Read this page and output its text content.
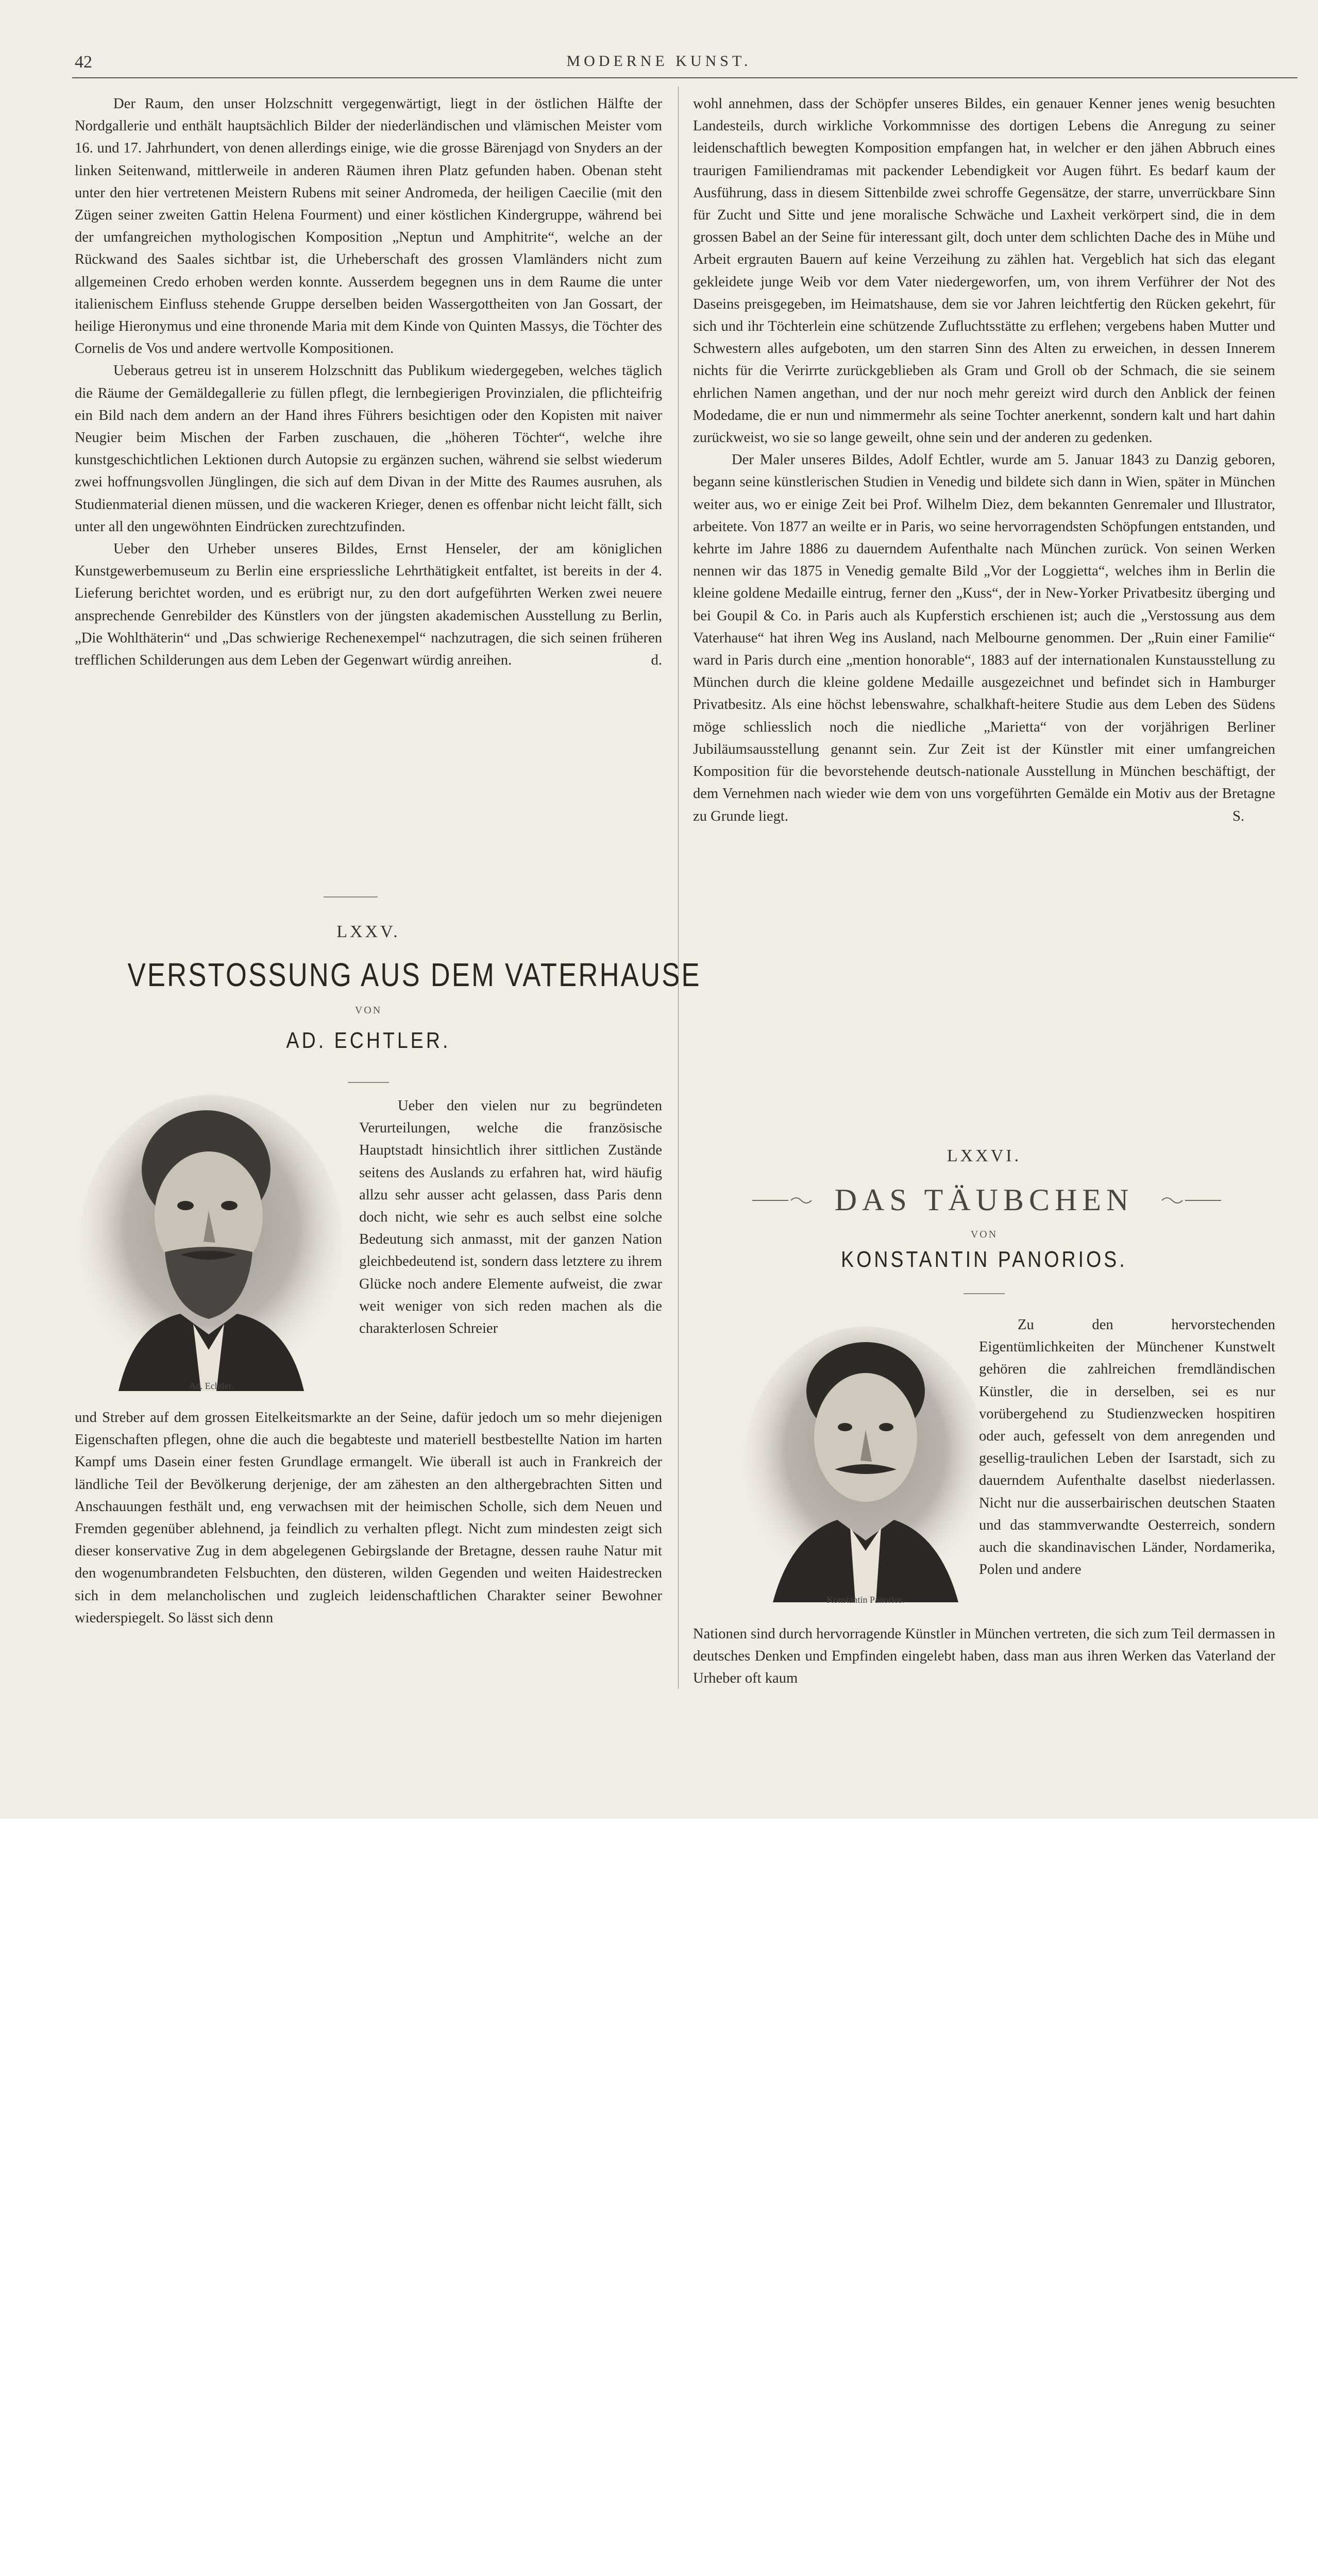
42	MODERNE KUNST.

Der Raum, den unser Holzschnitt vergegenwärtigt, liegt in der östlichen Hälfte der Nordgallerie und enthält hauptsächlich Bilder der niederländischen und vlämischen Meister vom 16. und 17. Jahrhundert, von denen allerdings einige, wie die grosse Bärenjagd von Snyders an der linken Seitenwand, mittlerweile in anderen Räumen ihren Platz gefunden haben. Obenan steht unter den hier vertretenen Meistern Rubens mit seiner Andromeda, der heiligen Caecilie (mit den Zügen seiner zweiten Gattin Helena Fourment) und einer köstlichen Kindergruppe, während bei der umfangreichen mythologischen Komposition „Neptun und Amphitrite“, welche an der Rückwand des Saales sichtbar ist, die Urheberschaft des grossen Vlamländers nicht zum allgemeinen Credo erhoben werden konnte. Ausserdem begegnen uns in dem Raume die unter italienischem Einfluss stehende Gruppe derselben beiden Wassergottheiten von Jan Gossart, der heilige Hieronymus und eine thronende Maria mit dem Kinde von Quinten Massys, die Töchter des Cornelis de Vos und andere wertvolle Kompositionen.

Ueberaus getreu ist in unserem Holzschnitt das Publikum wiedergegeben, welches täglich die Räume der Gemäldegallerie zu füllen pflegt, die lernbegierigen Provinzialen, die pflichteifrig ein Bild nach dem andern an der Hand ihres Führers besichtigen oder den Kopisten mit naiver Neugier beim Mischen der Farben zuschauen, die „höheren Töchter“, welche ihre kunstgeschichtlichen Lektionen durch Autopsie zu ergänzen suchen, während sie selbst wiederum zwei hoffnungsvollen Jünglingen, die sich auf dem Divan in der Mitte des Raumes ausruhen, als Studienmaterial dienen müssen, und die wackeren Krieger, denen es offenbar nicht leicht fällt, sich unter all den ungewöhnten Eindrücken zurechtzufinden.

Ueber den Urheber unseres Bildes, Ernst Henseler, der am königlichen Kunstgewerbemuseum zu Berlin eine erspriessliche Lehrthätigkeit entfaltet, ist bereits in der 4. Lieferung berichtet worden, und es erübrigt nur, zu den dort aufgeführten Werken zwei neuere ansprechende Genrebilder des Künstlers von der jüngsten akademischen Ausstellung zu Berlin, „Die Wohlthäterin“ und „Das schwierige Rechenexempel“ nachzutragen, die sich seinen früheren trefflichen Schilderungen aus dem Leben der Gegenwart würdig anreihen.	d.
LXXV.
VERSTOSSUNG AUS DEM VATERHAUSE
VON
AD. ECHTLER.
Ad. Echtler.

Ueber den vielen nur zu begründeten Verurteilungen, welche die französische Hauptstadt hinsichtlich ihrer sittlichen Zustände seitens des Auslands zu erfahren hat, wird häufig allzu sehr ausser acht gelassen, dass Paris denn doch nicht, wie sehr es auch selbst eine solche Bedeutung sich anmasst, mit der ganzen Nation gleichbedeutend ist, sondern dass letztere zu ihrem Glücke noch andere Elemente aufweist, die zwar weit weniger von sich reden machen als die charakterlosen Schreier

und Streber auf dem grossen Eitelkeitsmarkte an der Seine, dafür jedoch um so mehr diejenigen Eigenschaften pflegen, ohne die auch die begabteste und materiell bestbestellte Nation im harten Kampf ums Dasein einer festen Grundlage ermangelt. Wie überall ist auch in Frankreich der ländliche Teil der Bevölkerung derjenige, der am zähesten an den althergebrachten Sitten und Anschauungen festhält und, eng verwachsen mit der heimischen Scholle, sich dem Neuen und Fremden gegenüber ablehnend, ja feindlich zu verhalten pflegt. Nicht zum mindesten zeigt sich dieser konservative Zug in dem abgelegenen Gebirgslande der Bretagne, dessen rauhe Natur mit den wogenumbrandeten Felsbuchten, den düsteren, wilden Gegenden und weiten Haidestrecken sich in dem melancholischen und zugleich leidenschaftlichen Charakter seiner Bewohner wiederspiegelt. So lässt sich denn

wohl annehmen, dass der Schöpfer unseres Bildes, ein genauer Kenner jenes wenig besuchten Landesteils, durch wirkliche Vorkommnisse des dortigen Lebens die Anregung zu seiner leidenschaftlich bewegten Komposition empfangen hat, in welcher er den jähen Abbruch eines traurigen Familiendramas mit packender Lebendigkeit vor Augen führt. Es bedarf kaum der Ausführung, dass in diesem Sittenbilde zwei schroffe Gegensätze, der starre, unverrückbare Sinn für Zucht und Sitte und jene moralische Schwäche und Laxheit verkörpert sind, die in dem grossen Babel an der Seine für interessant gilt, doch unter dem schlichten Dache des in Mühe und Arbeit ergrauten Bauern auf keine Verzeihung zu zählen hat. Vergeblich hat sich das elegant gekleidete junge Weib vor dem Vater niedergeworfen, um, von ihrem Verführer der Not des Daseins preisgegeben, im Heimatshause, dem sie vor Jahren leichtfertig den Rücken gekehrt, für sich und ihr Töchterlein eine schützende Zufluchtsstätte zu erflehen; vergebens haben Mutter und Schwestern alles aufgeboten, um den starren Sinn des Alten zu erweichen, in dessen Innerem nichts für die Verirrte zurückgeblieben als Gram und Groll ob der Schmach, die sie seinem ehrlichen Namen angethan, und der nur noch mehr gereizt wird durch den Anblick der feinen Modedame, die er nun und nimmermehr als seine Tochter anerkennt, sondern kalt und hart dahin zurückweist, wo sie so lange geweilt, ohne sein und der anderen zu gedenken.

Der Maler unseres Bildes, Adolf Echtler, wurde am 5. Januar 1843 zu Danzig geboren, begann seine künstlerischen Studien in Venedig und bildete sich dann in Wien, später in München weiter aus, wo er einige Zeit bei Prof. Wilhelm Diez, dem bekannten Genremaler und Illustrator, arbeitete. Von 1877 an weilte er in Paris, wo seine hervorragendsten Schöpfungen entstanden, und kehrte im Jahre 1886 zu dauerndem Aufenthalte nach München zurück. Von seinen Werken nennen wir das 1875 in Venedig gemalte Bild „Vor der Loggietta“, welches ihm in Berlin die kleine goldene Medaille eintrug, ferner den „Kuss“, der in New-Yorker Privatbesitz überging und bei Goupil & Co. in Paris auch als Kupferstich erschienen ist; auch die „Verstossung aus dem Vaterhause“ hat ihren Weg ins Ausland, nach Melbourne genommen. Der „Ruin einer Familie“ ward in Paris durch eine „mention honorable“, 1883 auf der internationalen Kunstausstellung zu München durch die kleine goldene Medaille ausgezeichnet und befindet sich in Hamburger Privatbesitz. Als eine höchst lebenswahre, schalkhaft-heitere Studie aus dem Leben des Südens möge schliesslich noch die niedliche „Marietta“ von der vorjährigen Berliner Jubiläumsausstellung genannt sein. Zur Zeit ist der Künstler mit einer umfangreichen Komposition für die bevorstehende deutsch-nationale Ausstellung in München beschäftigt, der dem Vernehmen nach wieder wie dem von uns vorgeführten Gemälde ein Motiv aus der Bretagne zu Grunde liegt.	S.
LXXVI.
DAS TÄUBCHEN
VON
KONSTANTIN PANORIOS.
Konstantin Panorios.

Zu den hervorstechenden Eigentümlichkeiten der Münchener Kunstwelt gehören die zahlreichen fremdländischen Künstler, die in derselben, sei es nur vorübergehend zu Studienzwecken hospitiren oder auch, gefesselt von dem anregenden und gesellig-traulichen Leben der Isarstadt, sich zu dauerndem Aufenthalte daselbst niederlassen. Nicht nur die ausserbairischen deutschen Staaten und das stammverwandte Oesterreich, sondern auch die skandinavischen Länder, Nordamerika, Polen und andere

Nationen sind durch hervorragende Künstler in München vertreten, die sich zum Teil dermassen in deutsches Denken und Empfinden eingelebt haben, dass man aus ihren Werken das Vaterland der Urheber oft kaum
